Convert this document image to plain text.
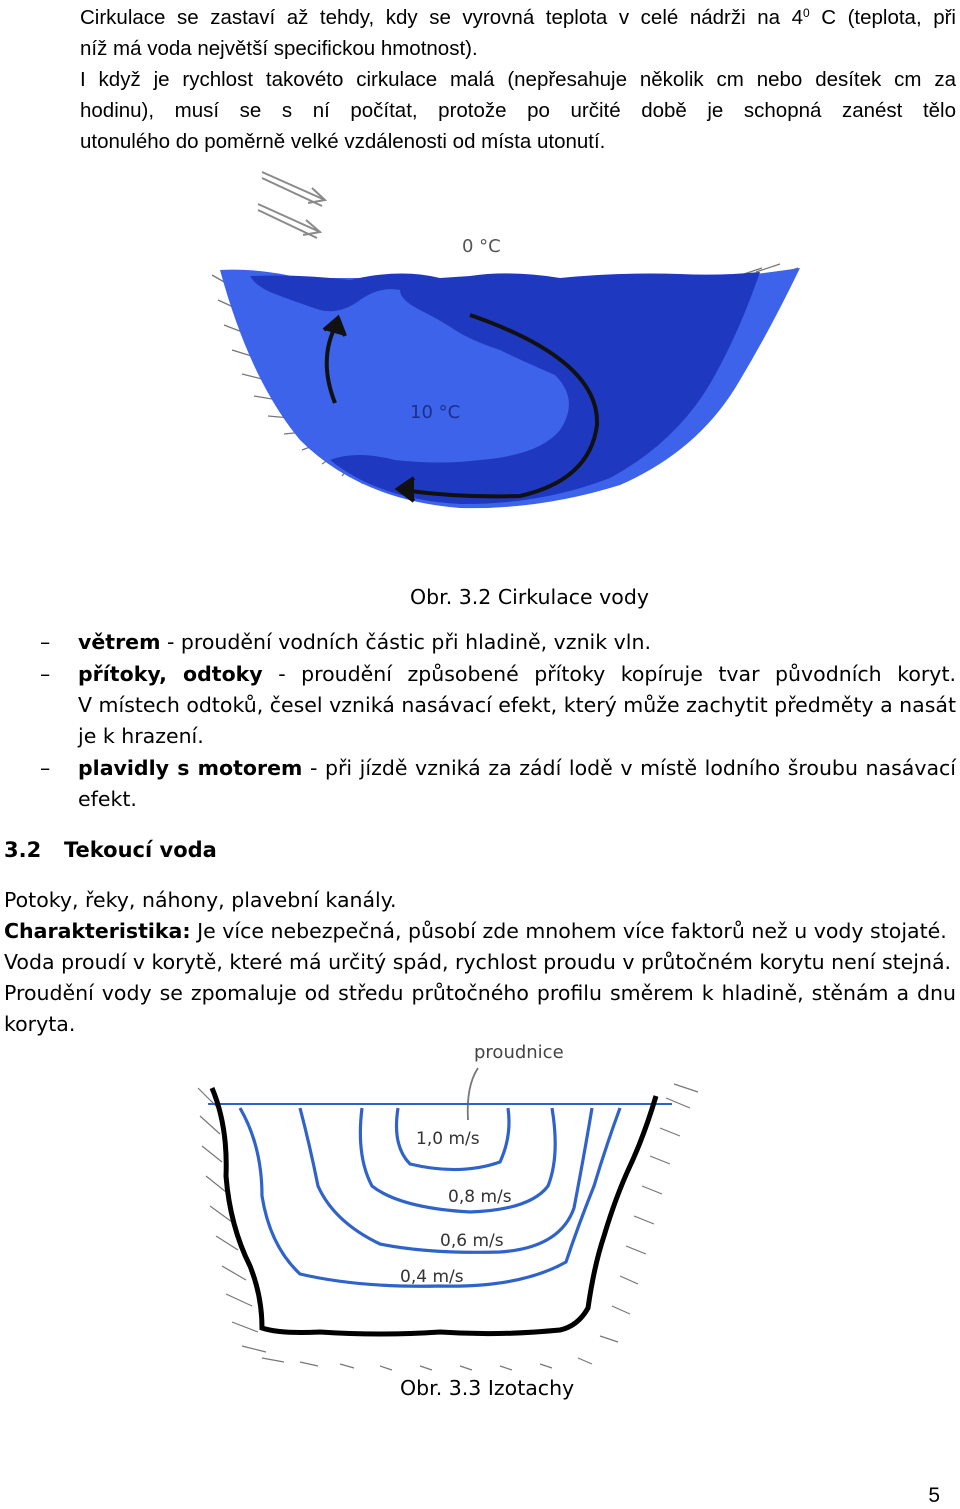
Cirkulace se zastaví až tehdy, kdy se vyrovná teplota v celé nádrži na $4^0$ C (teplota, při
níž má voda největší specifickou hmotnost).
I když je rychlost takovéto cirkulace malá (nepřesahuje několik cm nebo desítek cm za
hodinu), musí se s ní počítat, protože po určité době je schopná zanést tělo
utonulého do poměrně velké vzdálenosti od místa utonutí.
0 °C
10 °C
Obr. 3.2 Cirkulace vody
– větrem - proudění vodních částic při hladině, vznik vln.
– přítoky, odtoky - proudění způsobené přítoky kopíruje tvar původních koryt.
V místech odtoků, česel vzniká nasávací efekt, který může zachytit předměty a nasát
je k hrazení.
– plavidly s motorem - při jízdě vzniká za zádí lodě v místě lodního šroubu nasávací
efekt.
3.2 Tekoucí voda
Potoky, řeky, náhony, plavební kanály.
Charakteristika: Je více nebezpečná, působí zde mnohem více faktorů než u vody stojaté.
Voda proudí v korytě, které má určitý spád, rychlost proudu v průtočném korytu není stejná.
Proudění vody se zpomaluje od středu průtočného profilu směrem k hladině, stěnám a dnu
koryta.
proudnice
1,0 m/s
0,8 m/s
0,6 m/s
0,4 m/s
Obr. 3.3 Izotachy
5
